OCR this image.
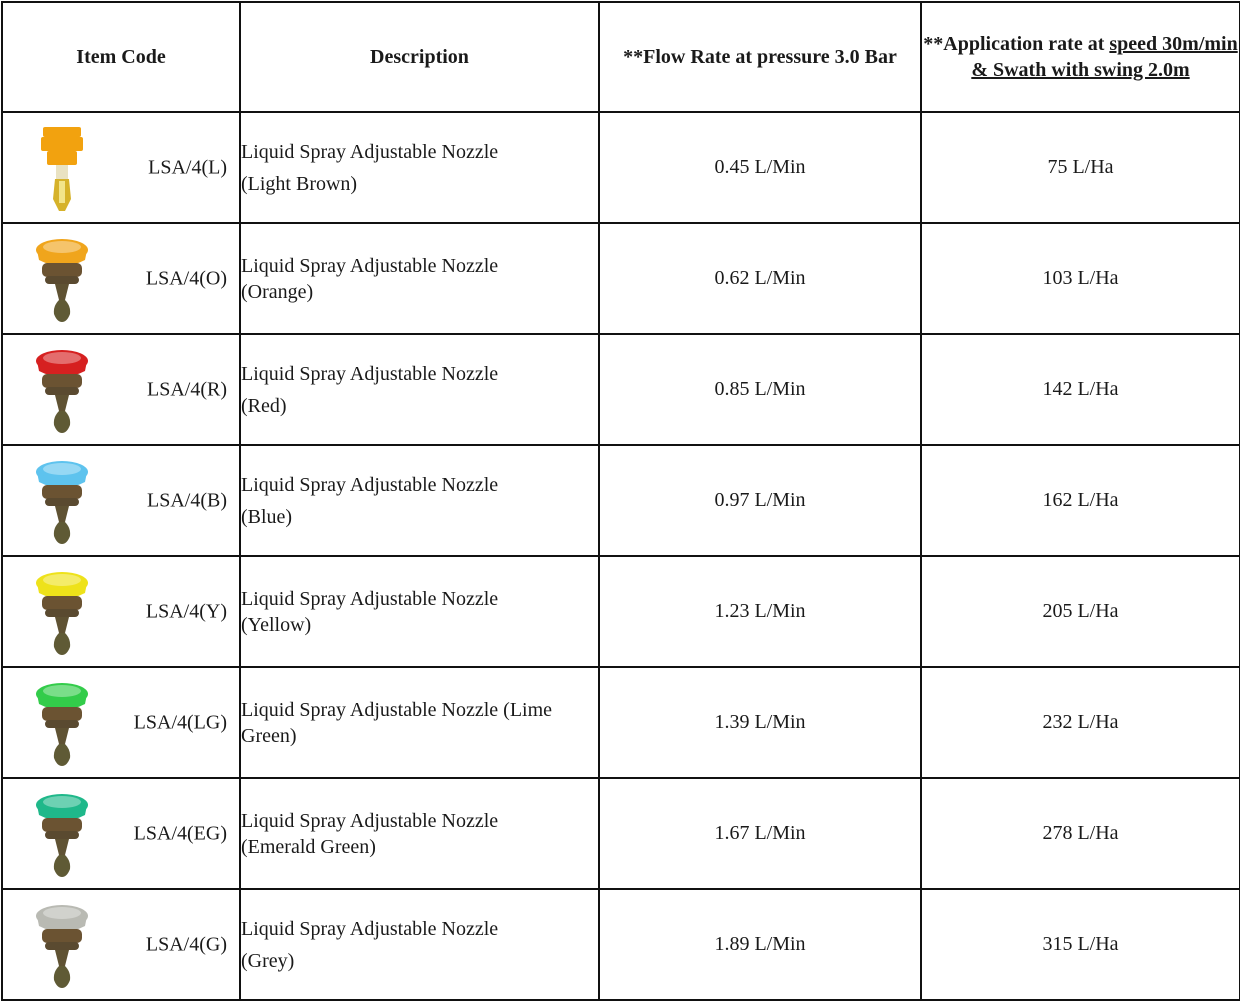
Item Code	Description	**Flow Rate at pressure 3.0 Bar	**Application rate at speed 30m/min & Swath with swing 2.0m

LSA/4(L)	Liquid Spray Adjustable Nozzle
(Light Brown)	0.45 L/Min	75 L/Ha

LSA/4(O)	Liquid Spray Adjustable Nozzle
(Orange)	0.62 L/Min	103 L/Ha

LSA/4(R)	Liquid Spray Adjustable Nozzle
(Red)	0.85 L/Min	142 L/Ha

LSA/4(B)	Liquid Spray Adjustable Nozzle
(Blue)	0.97 L/Min	162 L/Ha

LSA/4(Y)	Liquid Spray Adjustable Nozzle
(Yellow)	1.23 L/Min	205 L/Ha

LSA/4(LG)	Liquid Spray Adjustable Nozzle (Lime
Green)	1.39 L/Min	232 L/Ha

LSA/4(EG)	Liquid Spray Adjustable Nozzle
(Emerald Green)	1.67 L/Min	278 L/Ha

LSA/4(G)	Liquid Spray Adjustable Nozzle
(Grey)	1.89 L/Min	315 L/Ha
